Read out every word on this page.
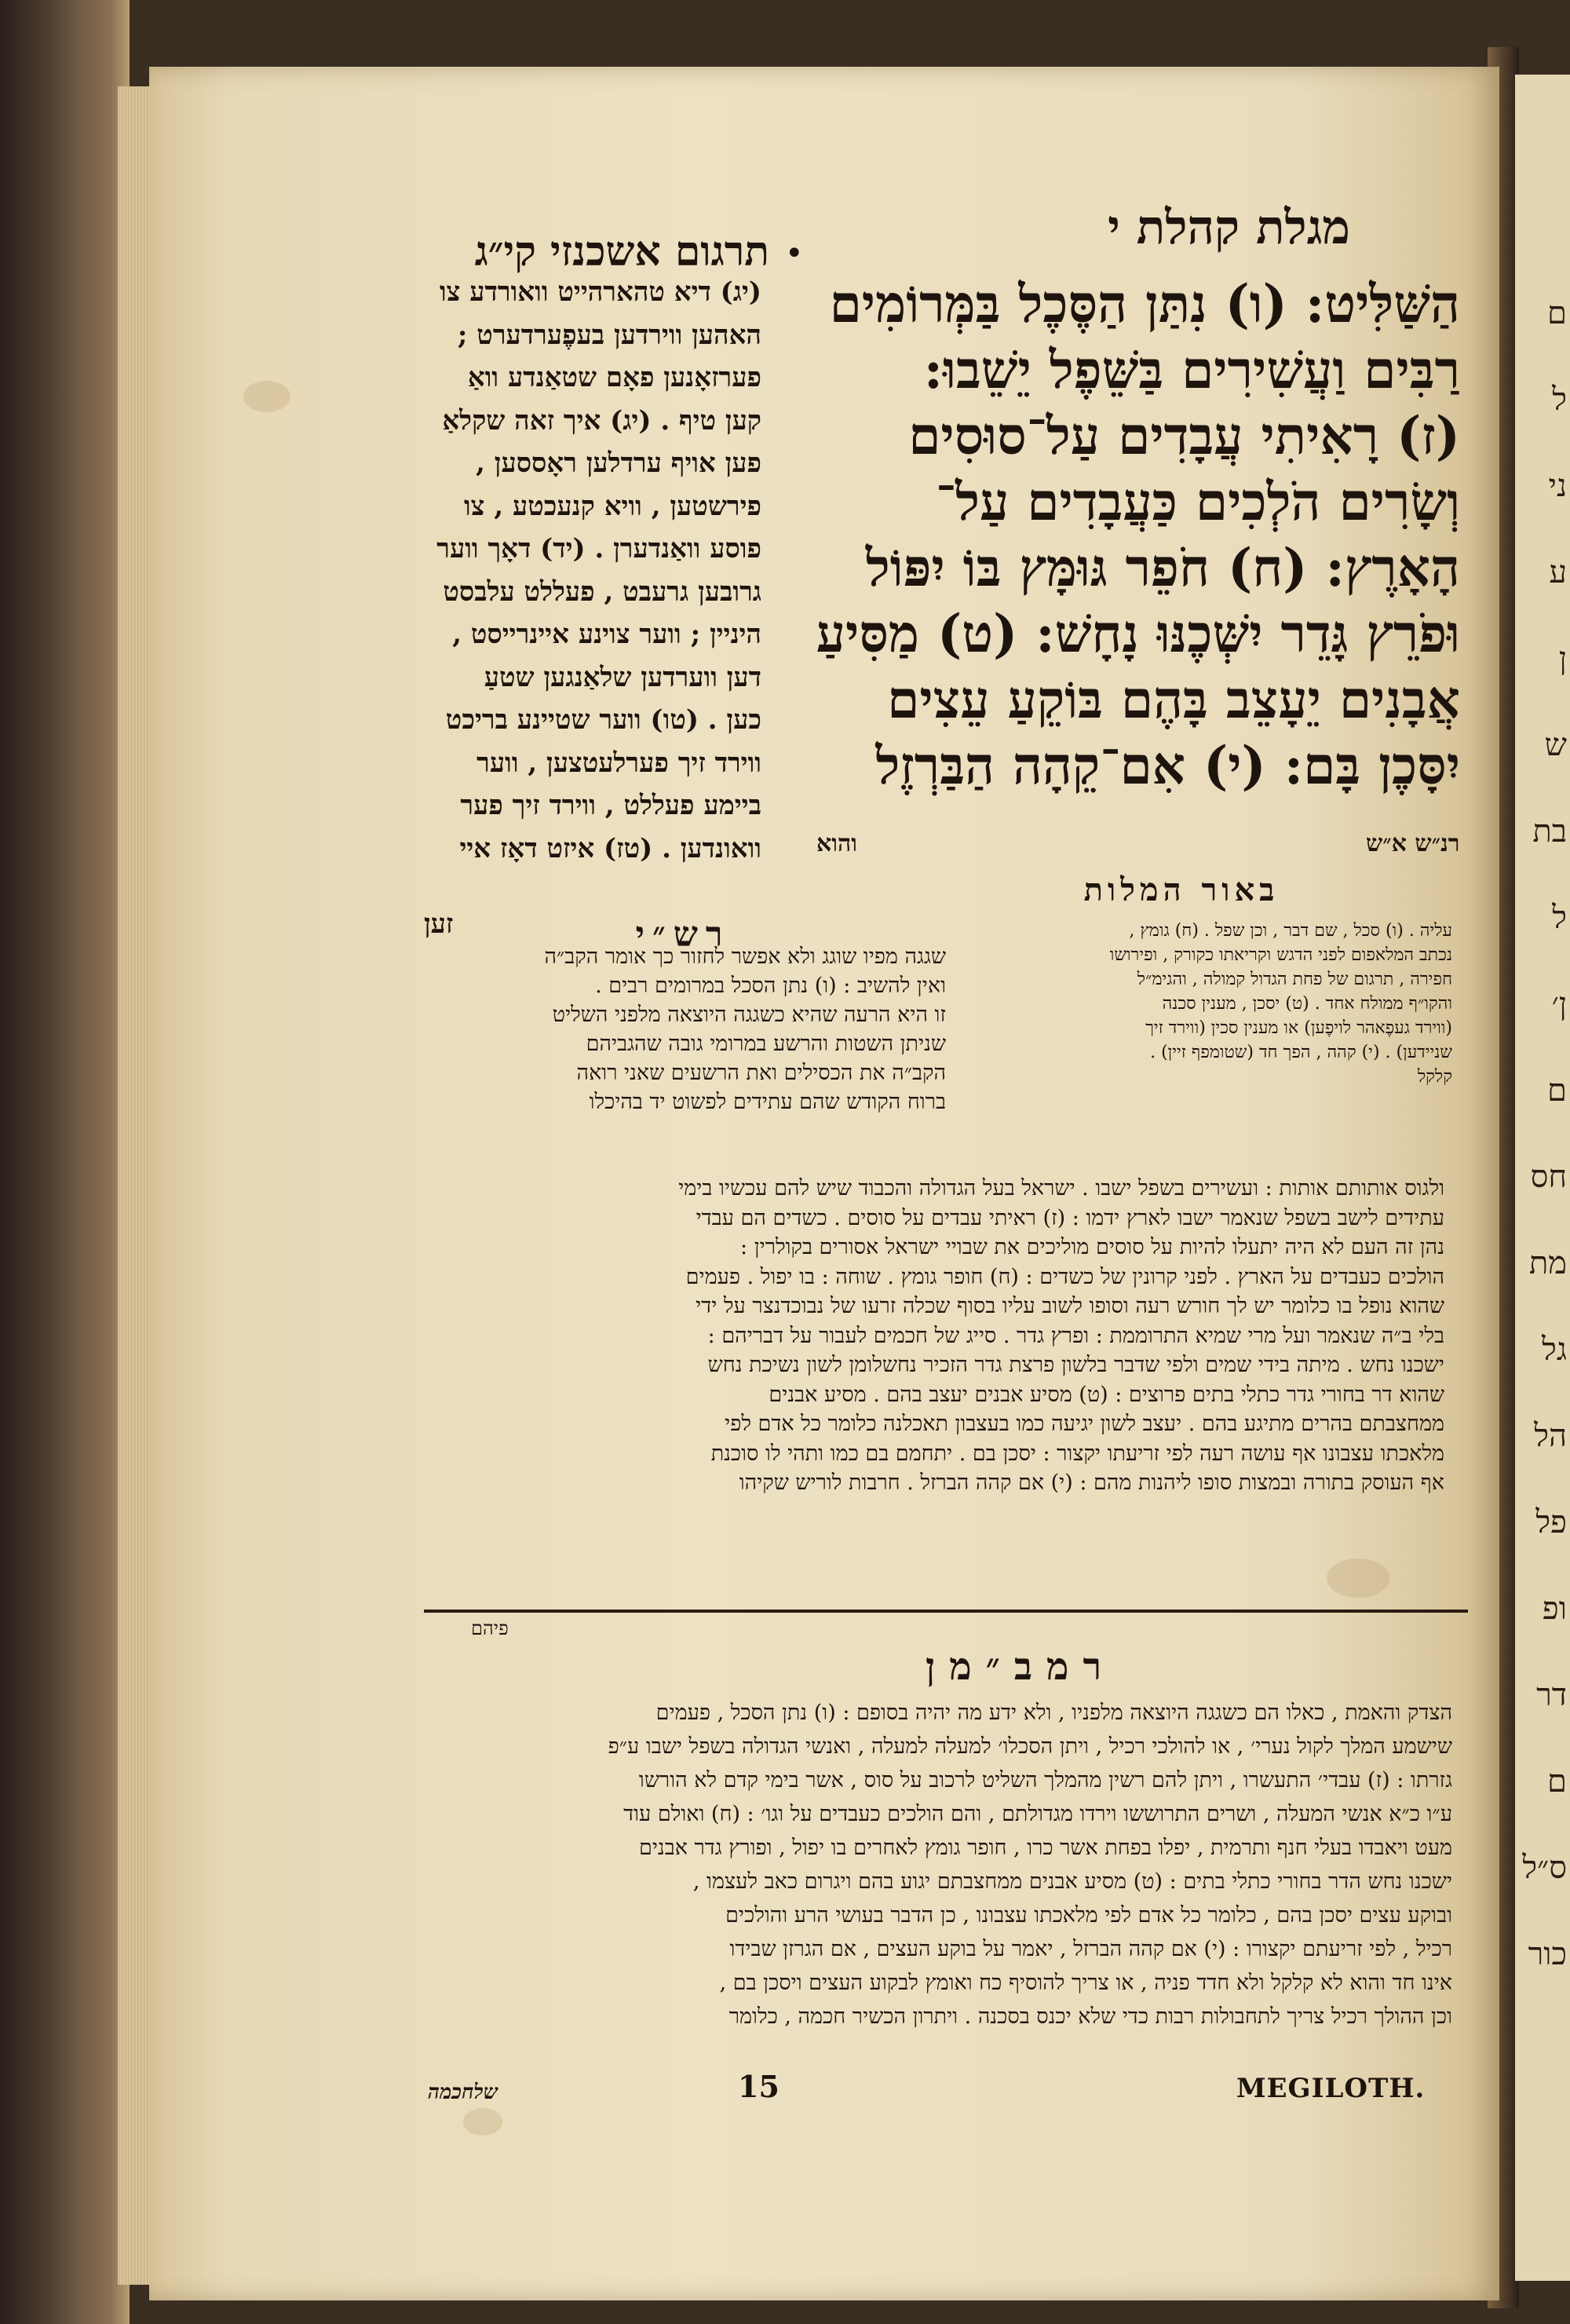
ם
ל
ני
ע
ן
ש
בת
ל
ן׳
ם
חס
מת
גל
הל
פל
ופ
דר
ם
ס״ל
כור
מגלת קהלת י
•
תרגום אשכנזי קי״ג
הַשַּׁלִּיט: (ו) נִתַּן הַסֶּכֶל בַּמְּרוֹמִים
רַבִּים וַעֲשִׁירִים בַּשֵּׁפֶל יֵשֵׁבוּ:
(ז) רָאִיתִי עֲבָדִים עַל־סוּסִים
וְשָׂרִים הֹלְכִים כַּעֲבָדִים עַל־
הָאָרֶץ: (ח) חֹפֵר גּוּמָּץ בּוֹ יִפּוֹל
וּפֹרֵץ גָּדֵר יִשְּׁכֶנּוּ נָחָשׁ: (ט) מַסִּיעַ
אֲבָנִים יֵעָצֵב בָּהֶם בּוֹקֵעַ עֵצִים
יִסָּכֶן בָּם: (י) אִם־קֵהָה הַבַּרְזֶל
והוא	רנ״ש א״ש
(יג) דיא טהארהייט וואורדע צו
האהען ווירדען בעפֶערדערט ;
פערזאָנען פאָם שטאַנדע וואַ
קען טיף . (יג) איך זאה שקלאַ
פען אויף ערדלען ראָססען ,
פירשטען , וויא קנעכטע , צו
פוסע וואַנדערן . (יד) דאָך ווער
גרובען גרעבט , פעללט עלבסט
היניין ; ווער צוינע איינרייסט ,
דען ווערדען שלאַנגען שטעַ
כען . (טו) ווער שטיינע בריכט
ווירד זיך פערלעטצען , ווער
ביימע פעללט , ווירד זיך פער
וואונדען . (טז) איזט דאָז איי
זען
באור המלות
עליה . (ו) סכל , שם דבר , וכן שפל . (ח) גומץ ,
נכתב המלאפום לפני הדגש וקריאתו כקורק , ופירושו
חפירה , תרגום של פחת הגדול קמולה , והגימ״ל
והקו״ף ממולח אחד . (ט) יסכן , מענין סכנה
(ווירד געפֶאהר לויפֶען) או מענין סכין (ווירד זיך
שניידען) . (י) קהה , הפך חד (שטומפף זיין) .
קלקל
רש״י
שגגה מפיו שוגג ולא אפשר לחזור כך אומר הקב״ה
ואין להשיב : (ו) נתן הסכל במרומים רבים .
זו היא הרעה שהיא כשגגה היוצאה מלפני השליט
שניתן השטות והרשע במרומי גובה שהגביהם
הקב״ה את הכסילים ואת הרשעים שאני רואה
ברוח הקודש שהם עתידים לפשוט יד בהיכלו
ולגוס אותותם אותות : ועשירים בשפל ישבו . ישראל בעל הגדולה והכבוד שיש להם עכשיו בימי
עתידים לישב בשפל שנאמר ישבו לארץ ידמו : (ז) ראיתי עבדים על סוסים . כשדים הם עבדי
נהן זה העם לא היה יתעלו להיות על סוסים מוליכים את שבויי ישראל אסורים בקולרין :
הולכים כעבדים על הארץ . לפני קרונין של כשדים : (ח) חופר גומץ . שוחה : בו יפול . פעמים
שהוא נופל בו כלומר יש לך חורש רעה וסופו לשוב עליו בסוף שכלה זרעו של נבוכדנצר על ידי
בלי ב״ה שנאמר ועל מרי שמיא התרוממת : ופרץ גדר . סייג של חכמים לעבור על דבריהם :
ישכנו נחש . מיתה בידי שמים ולפי שדבר בלשון פרצת גדר הזכיר נחשלומן לשון נשיכת נחש
שהוא דר בחורי גדר כתלי בתים פרוצים : (ט) מסיע אבנים יעצב בהם . מסיע אבנים
ממחצבתם בהרים מתיגע בהם . יעצב לשון יגיעה כמו בעצבון תאכלנה כלומר כל אדם לפי
מלאכתו עצבונו אף עושה רעה לפי זריעתו יקצור : יסכן בם . יתחמם בם כמו ותהי לו סוכנת
אף העוסק בתורה ובמצות סופו ליהנות מהם : (י) אם קהה הברזל . חרבות לוריש שקיהו
פיהם
רמב״מן
הצדק והאמת , כאלו הם כשגגה היוצאה מלפניו , ולא ידע מה יהיה בסופם : (ו) נתן הסכל , פעמים
שישמע המלך לקול נערי׳ , או להולכי רכיל , ויתן הסכלו׳ למעלה למעלה , ואנשי הגדולה בשפל ישבו ע״פ
גזרתו : (ז) עבדי׳ התעשרו , ויתן להם רשין מהמלך השליט לרכוב על סוס , אשר בימי קדם לא הורשו
ע״ו כ״א אנשי המעלה , ושרים התרוששו וירדו מגדולתם , והם הולכים כעבדים על וגו׳ : (ח) ואולם עוד
מעט ויאבדו בעלי חנף ותרמית , יפלו בפחת אשר כרו , חופר גומץ לאחרים בו יפול , ופורץ גדר אבנים
ישכנו נחש הדר בחורי כתלי בתים : (ט) מסיע אבנים ממחצבתם יגוע בהם ויגרום כאב לעצמו ,
ובוקע עצים יסכן בהם , כלומר כל אדם לפי מלאכתו עצבונו , כן הדבר בעושי הרע והולכים
רכיל , לפי זריעתם יקצורו : (י) אם קהה הברזל , יאמר על בוקע העצים , אם הגרזן שבידו
אינו חד והוא לא קלקל ולא חדד פניה , או צריך להוסיף כח ואומץ לבקוע העצים ויסכן בם ,
וכן ההולך רכיל צריך לתחבולות רבות כדי שלא יכנס בסכנה . ויתרון הכשיר חכמה , כלומר
שלחכמה	15	MEGILOTH.
